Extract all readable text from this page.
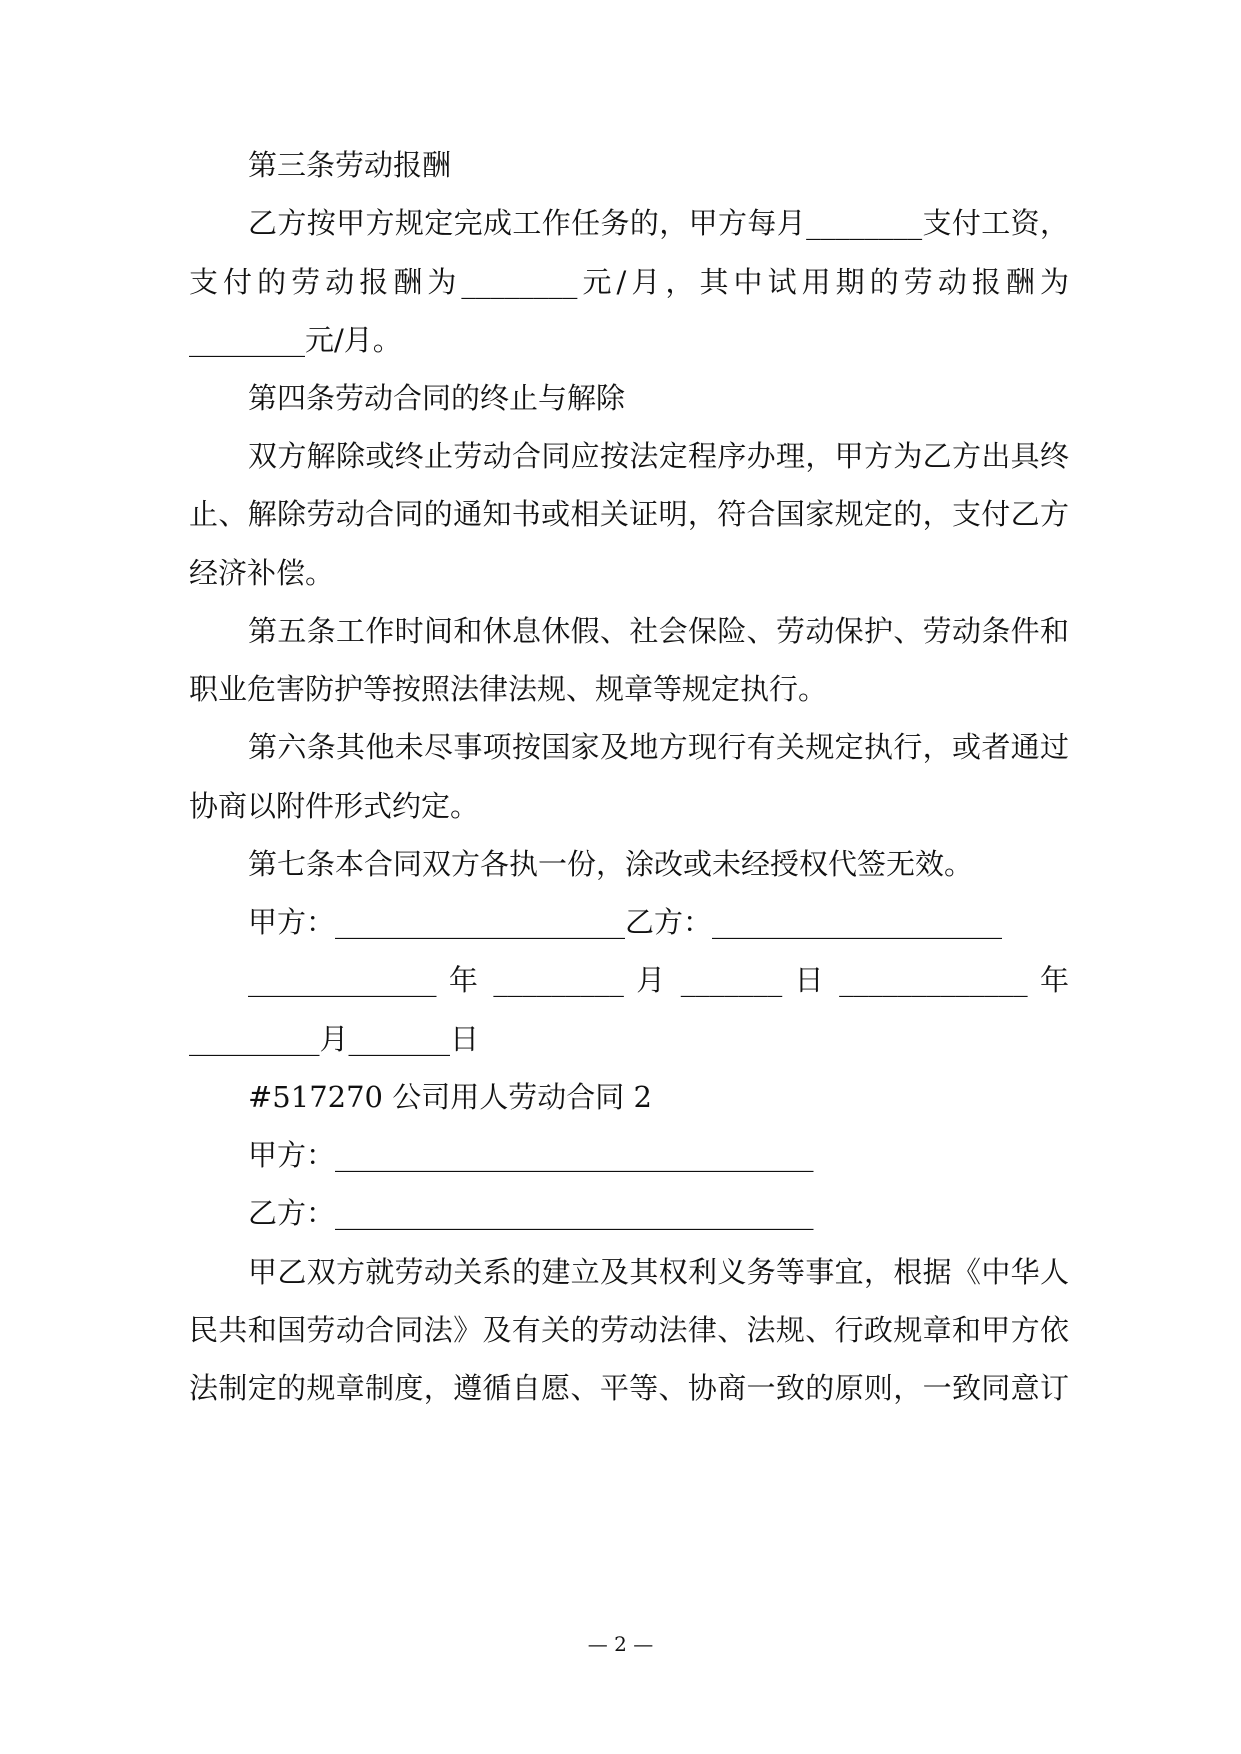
第三条劳动报酬
乙方按甲方规定完成工作任务的，甲方每月________支付工资，
支付的劳动报酬为________元/月，其中试用期的劳动报酬为
________元/月。
第四条劳动合同的终止与解除
双方解除或终止劳动合同应按法定程序办理，甲方为乙方出具终
止、解除劳动合同的通知书或相关证明，符合国家规定的，支付乙方
经济补偿。
第五条工作时间和休息休假、社会保险、劳动保护、劳动条件和
职业危害防护等按照法律法规、规章等规定执行。
第六条其他未尽事项按国家及地方现行有关规定执行，或者通过
协商以附件形式约定。
第七条本合同双方各执一份，涂改或未经授权代签无效。
甲方：____________________乙方：____________________
_____________ 年 _________ 月 _______ 日 _____________ 年
_________月_______日
#517270 公司用人劳动合同 2
甲方：_________________________________
乙方：_________________________________
甲乙双方就劳动关系的建立及其权利义务等事宜，根据《中华人
民共和国劳动合同法》及有关的劳动法律、法规、行政规章和甲方依
法制定的规章制度，遵循自愿、平等、协商一致的原则，一致同意订
— 2 —
